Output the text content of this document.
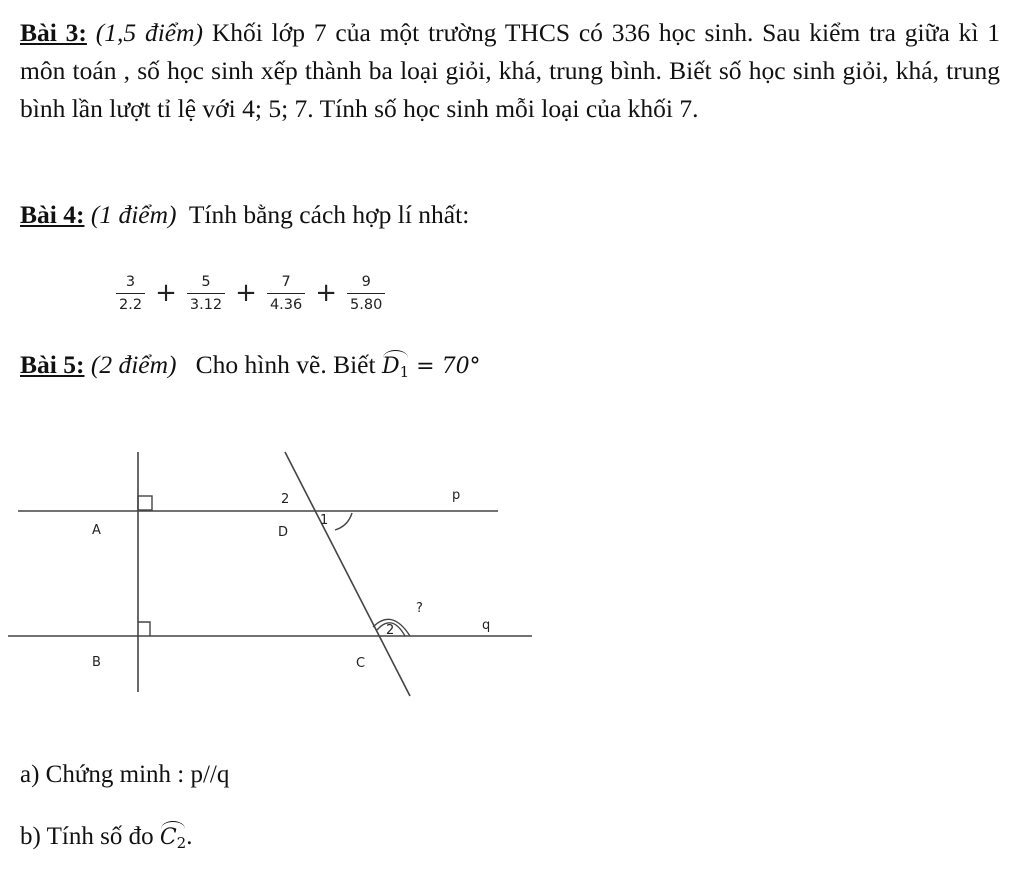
Bài 3: (1,5 điểm) Khối lớp 7 của một trường THCS có 336 học sinh. Sau kiểm tra giữa kì 1 môn toán , số học sinh xếp thành ba loại giỏi, khá, trung bình. Biết số học sinh giỏi, khá, trung bình lần lượt tỉ lệ với 4; 5; 7. Tính số học sinh mỗi loại của khối 7.

Bài 4: (1 điểm) Tính bằng cách hợp lí nhất:

$\frac{3}{2.2} + \frac{5}{3.12} + \frac{7}{4.36} + \frac{9}{5.80}$

Bài 5: (2 điểm) Cho hình vẽ. Biết $D_1 = 70^\circ$

A
B
D
C
p
q
2
1
2
?

a) Chứng minh : p//q

b) Tính số đo $C_2$.
